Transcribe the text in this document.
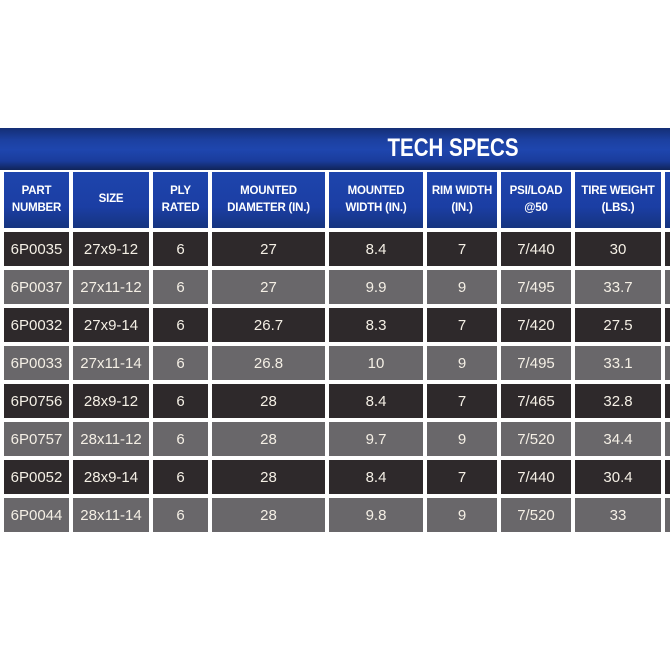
TECH SPECS
PART NUMBER	SIZE	PLY RATED	MOUNTED DIAMETER (IN.)	MOUNTED WIDTH (IN.)	RIM WIDTH (IN.)	PSI/LOAD @50	TIRE WEIGHT (LBS.)	
6P0035	27x9-12	6	27	8.4	7	7/440	30	
6P0037	27x11-12	6	27	9.9	9	7/495	33.7	
6P0032	27x9-14	6	26.7	8.3	7	7/420	27.5	
6P0033	27x11-14	6	26.8	10	9	7/495	33.1	
6P0756	28x9-12	6	28	8.4	7	7/465	32.8	
6P0757	28x11-12	6	28	9.7	9	7/520	34.4	
6P0052	28x9-14	6	28	8.4	7	7/440	30.4	
6P0044	28x11-14	6	28	9.8	9	7/520	33	
